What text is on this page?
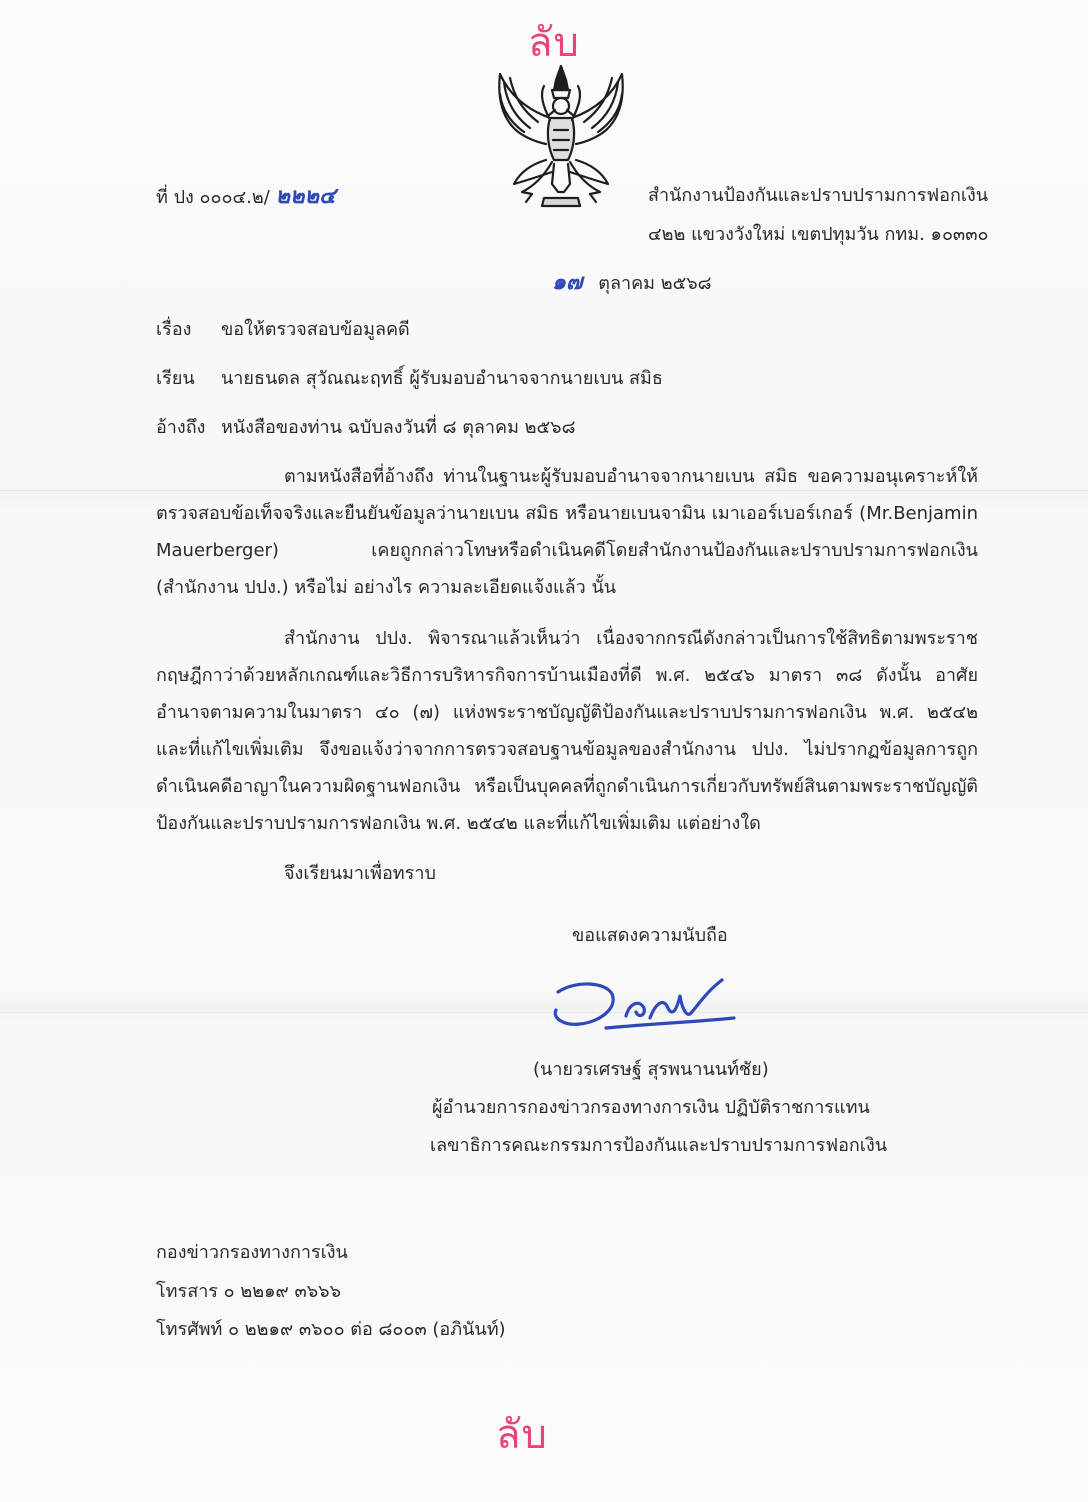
ลับ
ที่ ปง ๐๐๐๔.๒/ ๒๒๒๔	สำนักงานป้องกันและปราบปรามการฟอกเงิน
๔๒๒ แขวงวังใหม่ เขตปทุมวัน กทม. ๑๐๓๓๐
๑๗ ตุลาคม ๒๕๖๘
เรื่อง ขอให้ตรวจสอบข้อมูลคดี
เรียน นายธนดล สุวัณณะฤทธิ์ ผู้รับมอบอำนาจจากนายเบน สมิธ
อ้างถึง หนังสือของท่าน ฉบับลงวันที่ ๘ ตุลาคม ๒๕๖๘
ตามหนังสือที่อ้างถึง ท่านในฐานะผู้รับมอบอำนาจจากนายเบน สมิธ ขอความอนุเคราะห์ให้ตรวจสอบข้อเท็จจริงและยืนยันข้อมูลว่านายเบน สมิธ หรือนายเบนจามิน เมาเออร์เบอร์เกอร์ (Mr.Benjamin Mauerberger) เคยถูกกล่าวโทษหรือดำเนินคดีโดยสำนักงานป้องกันและปราบปรามการฟอกเงิน (สำนักงาน ปปง.) หรือไม่ อย่างไร ความละเอียดแจ้งแล้ว นั้น
สำนักงาน ปปง. พิจารณาแล้วเห็นว่า เนื่องจากกรณีดังกล่าวเป็นการใช้สิทธิตามพระราชกฤษฎีกาว่าด้วยหลักเกณฑ์และวิธีการบริหารกิจการบ้านเมืองที่ดี พ.ศ. ๒๕๔๖ มาตรา ๓๘ ดังนั้น อาศัยอำนาจตามความในมาตรา ๔๐ (๗) แห่งพระราชบัญญัติป้องกันและปราบปรามการฟอกเงิน พ.ศ. ๒๕๔๒ และที่แก้ไขเพิ่มเติม จึงขอแจ้งว่าจากการตรวจสอบฐานข้อมูลของสำนักงาน ปปง. ไม่ปรากฏข้อมูลการถูกดำเนินคดีอาญาในความผิดฐานฟอกเงิน หรือเป็นบุคคลที่ถูกดำเนินการเกี่ยวกับทรัพย์สินตามพระราชบัญญัติป้องกันและปราบปรามการฟอกเงิน พ.ศ. ๒๕๔๒ และที่แก้ไขเพิ่มเติม แต่อย่างใด
จึงเรียนมาเพื่อทราบ
ขอแสดงความนับถือ
(นายวรเศรษฐ์ สุรพนานนท์ชัย)
ผู้อำนวยการกองข่าวกรองทางการเงิน ปฏิบัติราชการแทน
เลขาธิการคณะกรรมการป้องกันและปราบปรามการฟอกเงิน
กองข่าวกรองทางการเงิน
โทรสาร ๐ ๒๒๑๙ ๓๖๖๖
โทรศัพท์ ๐ ๒๒๑๙ ๓๖๐๐ ต่อ ๘๐๐๓ (อภินันท์)
ลับ
